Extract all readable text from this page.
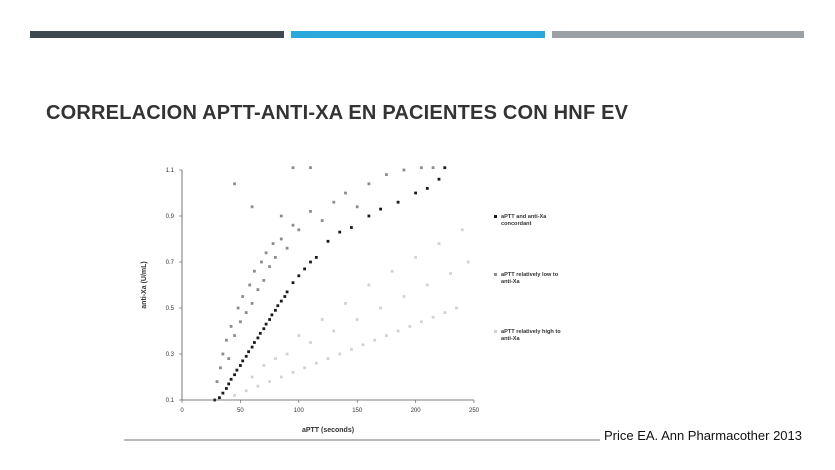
CORRELACION APTT-ANTI-XA EN PACIENTES CON HNF EV
0	50	100	150	200	250
0.1
0.3
0.5
0.7
0.9
1.1
aPTT (seconds)
anti-Xa (U/mL)
aPTT and anti-Xa concordant
aPTT relatively low to anti-Xa
aPTT relatively high to anti-Xa
Price EA. Ann Pharmacother 2013
